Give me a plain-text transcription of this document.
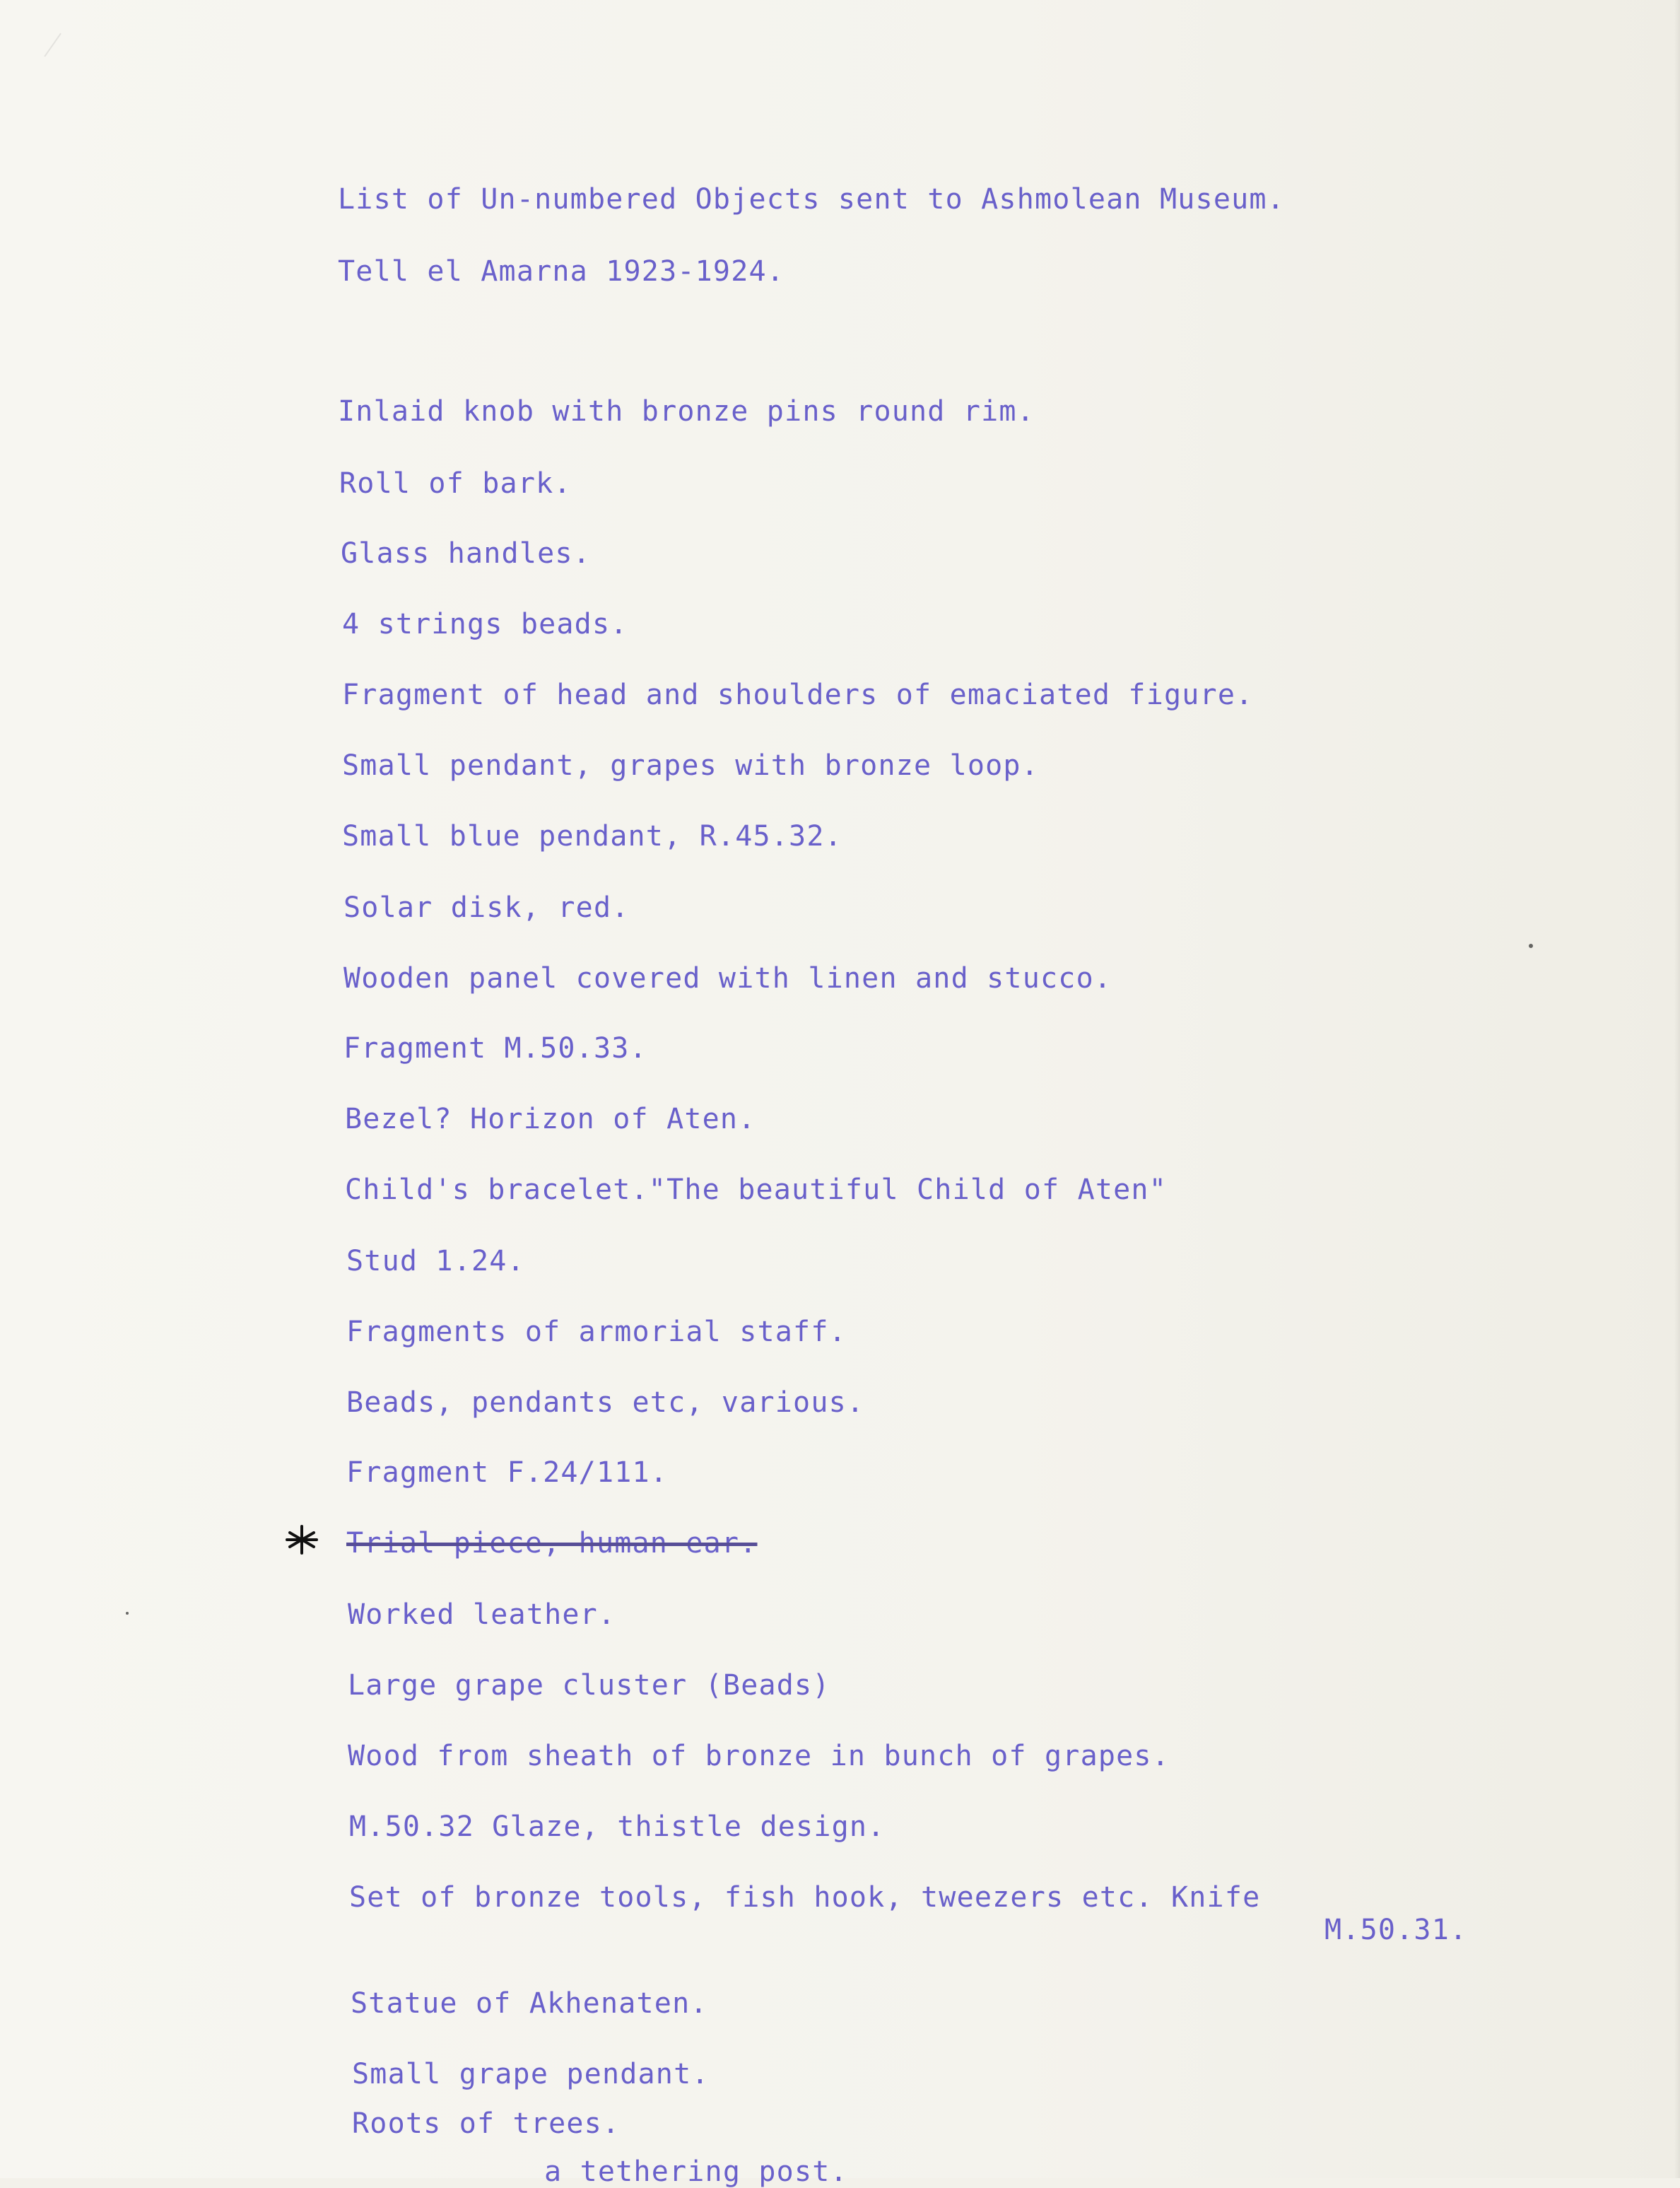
List of Un-numbered Objects sent to Ashmolean Museum.
Tell el Amarna 1923-1924.
Inlaid knob with bronze pins round rim.
Roll of bark.
Glass handles.
4 strings beads.
Fragment of head and shoulders of emaciated figure.
Small pendant, grapes with bronze loop.
Small blue pendant, R.45.32.
Solar disk, red.
Wooden panel covered with linen and stucco.
Fragment M.50.33.
Bezel? Horizon of Aten.
Child's bracelet."The beautiful Child of Aten"
Stud 1.24.
Fragments of armorial staff.
Beads, pendants etc, various.
Fragment F.24/111.
Trial piece, human ear.
Worked leather.
Large grape cluster (Beads)
Wood from sheath of bronze in bunch of grapes.
M.50.32 Glaze, thistle design.
Set of bronze tools, fish hook, tweezers etc. Knife
M.50.31.
Statue of Akhenaten.
Small grape pendant.
Roots of trees.
a tethering post.
